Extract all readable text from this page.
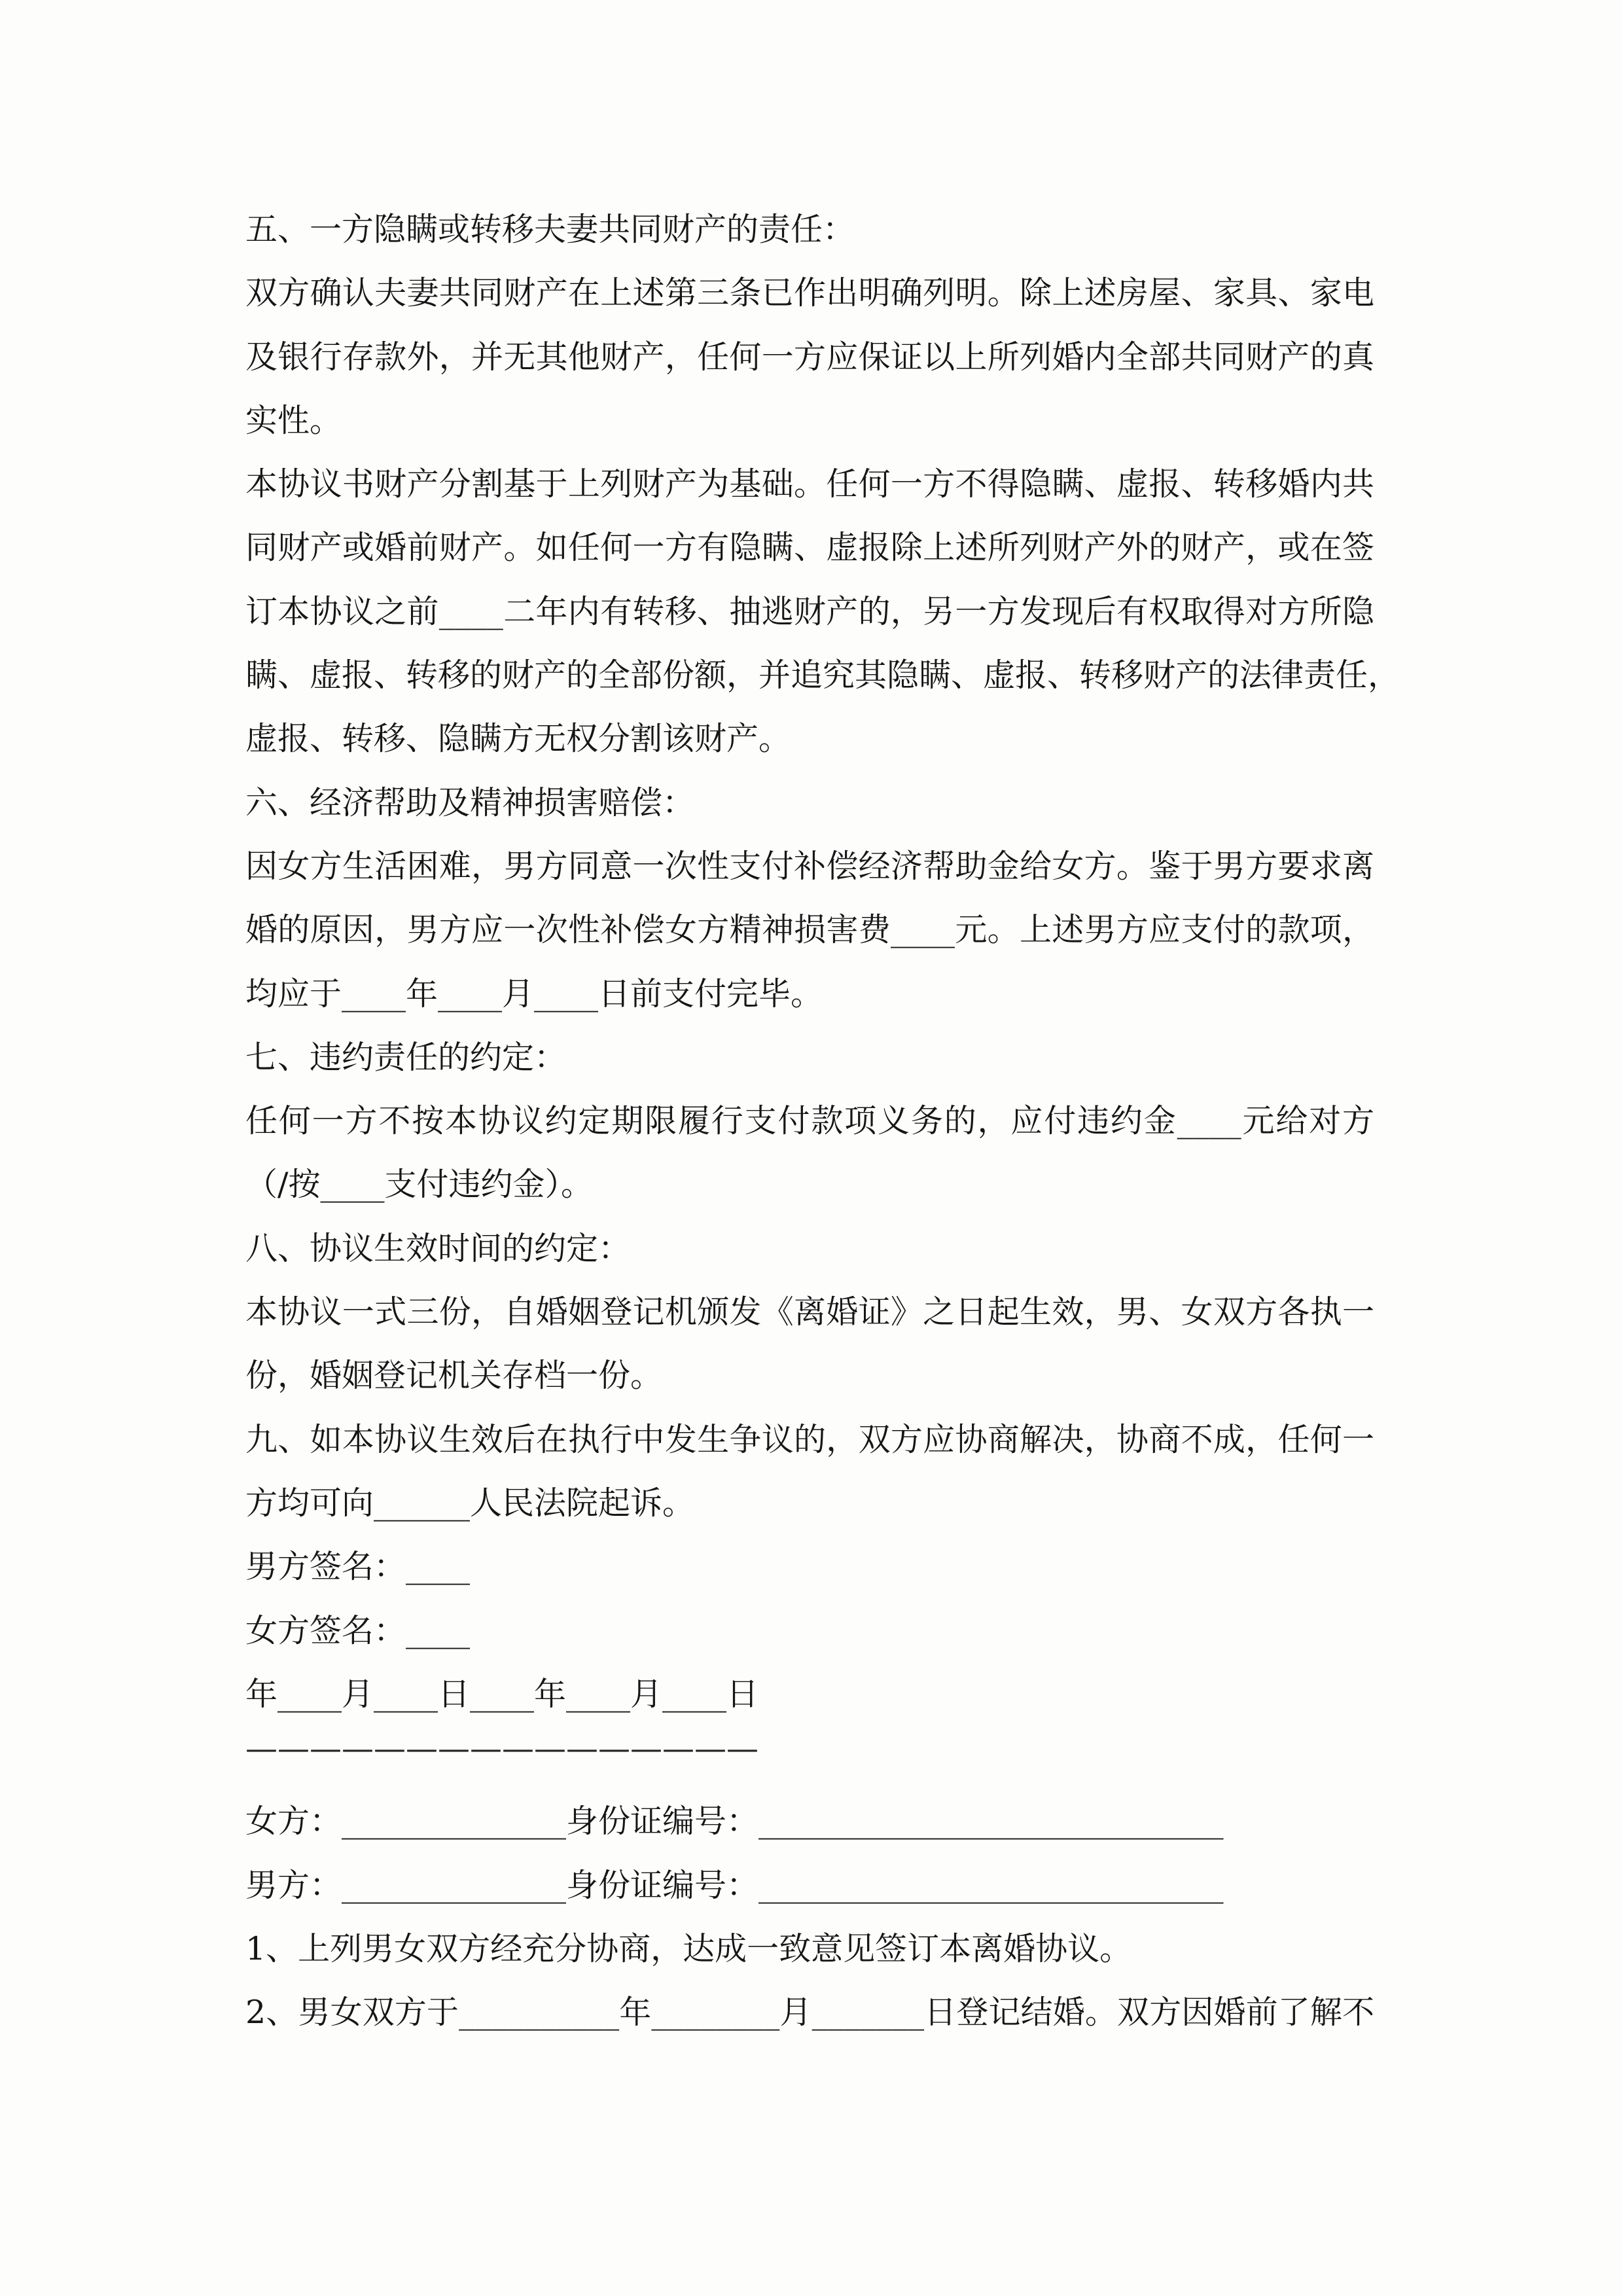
五、一方隐瞒或转移夫妻共同财产的责任：
双方确认夫妻共同财产在上述第三条已作出明确列明。除上述房屋、家具、家电
及银行存款外，并无其他财产，任何一方应保证以上所列婚内全部共同财产的真
实性。
本协议书财产分割基于上列财产为基础。任何一方不得隐瞒、虚报、转移婚内共
同财产或婚前财产。如任何一方有隐瞒、虚报除上述所列财产外的财产，或在签
订本协议之前____二年内有转移、抽逃财产的，另一方发现后有权取得对方所隐
瞒、虚报、转移的财产的全部份额，并追究其隐瞒、虚报、转移财产的法律责任，
虚报、转移、隐瞒方无权分割该财产。
六、经济帮助及精神损害赔偿：
因女方生活困难，男方同意一次性支付补偿经济帮助金给女方。鉴于男方要求离
婚的原因，男方应一次性补偿女方精神损害费____元。上述男方应支付的款项，
均应于____年____月____日前支付完毕。
七、违约责任的约定：
任何一方不按本协议约定期限履行支付款项义务的，应付违约金____元给对方
（/按____支付违约金）。
八、协议生效时间的约定：
本协议一式三份，自婚姻登记机颁发《离婚证》之日起生效，男、女双方各执一
份，婚姻登记机关存档一份。
九、如本协议生效后在执行中发生争议的，双方应协商解决，协商不成，任何一
方均可向______人民法院起诉。
男方签名：____
女方签名：____
年____月____日____年____月____日
————————————————
女方：______________身份证编号：_____________________________
男方：______________身份证编号：_____________________________
1、上列男女双方经充分协商，达成一致意见签订本离婚协议。
2、男女双方于__________年________月_______日登记结婚。双方因婚前了解不
